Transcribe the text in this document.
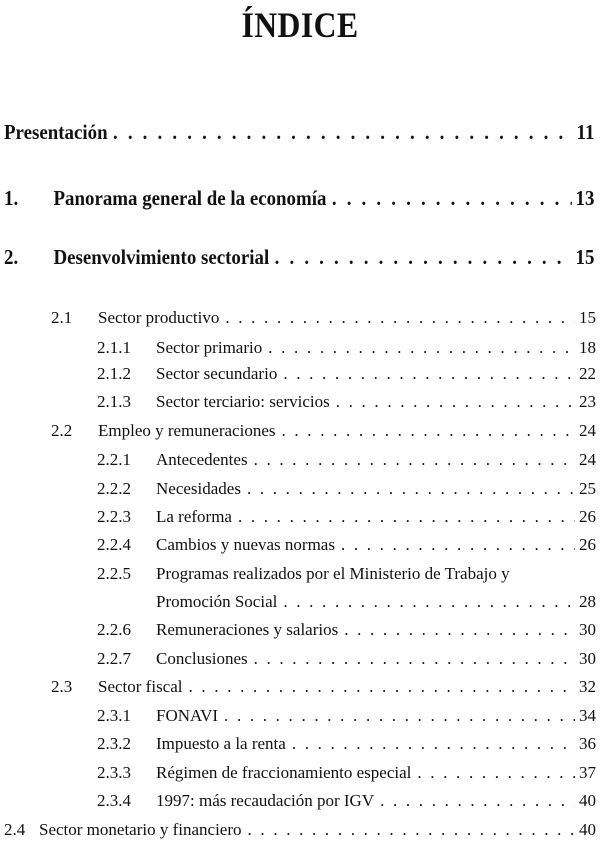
ÍNDICE
Presentación . . .	11
1.	Panorama general de la economía . . .	13
2.	Desenvolvimiento sectorial . . .	15
2.1	Sector productivo . . .	15
2.1.1	Sector primario . . .	18
2.1.2	Sector secundario . . .	22
2.1.3	Sector terciario: servicios . . .	23
2.2	Empleo y remuneraciones . . .	24
2.2.1	Antecedentes . . .	24
2.2.2	Necesidades . . .	25
2.2.3	La reforma . . .	26
2.2.4	Cambios y nuevas normas . . .	26
2.2.5	Programas realizados por el Ministerio de Trabajo y
Promoción Social . . .	28
2.2.6	Remuneraciones y salarios . . .	30
2.2.7	Conclusiones . . .	30
2.3	Sector fiscal . . .	32
2.3.1	FONAVI . . .	34
2.3.2	Impuesto a la renta . . .	36
2.3.3	Régimen de fraccionamiento especial . . .	37
2.3.4	1997: más recaudación por IGV . . .	40
2.4 Sector monetario y financiero . . .	40
